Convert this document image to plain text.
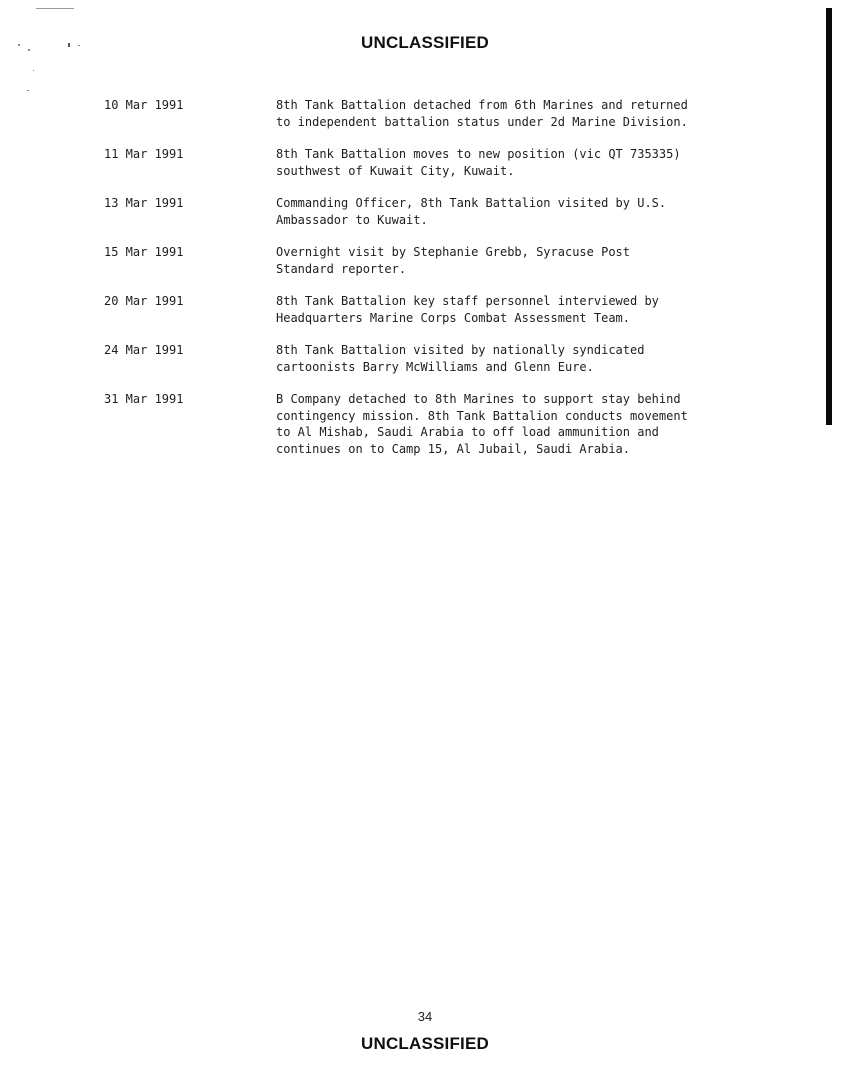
UNCLASSIFIED
10 Mar 1991	8th Tank Battalion detached from 6th Marines and returned
to independent battalion status under 2d Marine Division.
11 Mar 1991	8th Tank Battalion moves to new position (vic QT 735335)
southwest of Kuwait City, Kuwait.
13 Mar 1991	Commanding Officer, 8th Tank Battalion visited by U.S.
Ambassador to Kuwait.
15 Mar 1991	Overnight visit by Stephanie Grebb, Syracuse Post
Standard reporter.
20 Mar 1991	8th Tank Battalion key staff personnel interviewed by
Headquarters Marine Corps Combat Assessment Team.
24 Mar 1991	8th Tank Battalion visited by nationally syndicated
cartoonists Barry McWilliams and Glenn Eure.
31 Mar 1991	B Company detached to 8th Marines to support stay behind
contingency mission. 8th Tank Battalion conducts movement
to Al Mishab, Saudi Arabia to off load ammunition and
continues on to Camp 15, Al Jubail, Saudi Arabia.
34
UNCLASSIFIED
